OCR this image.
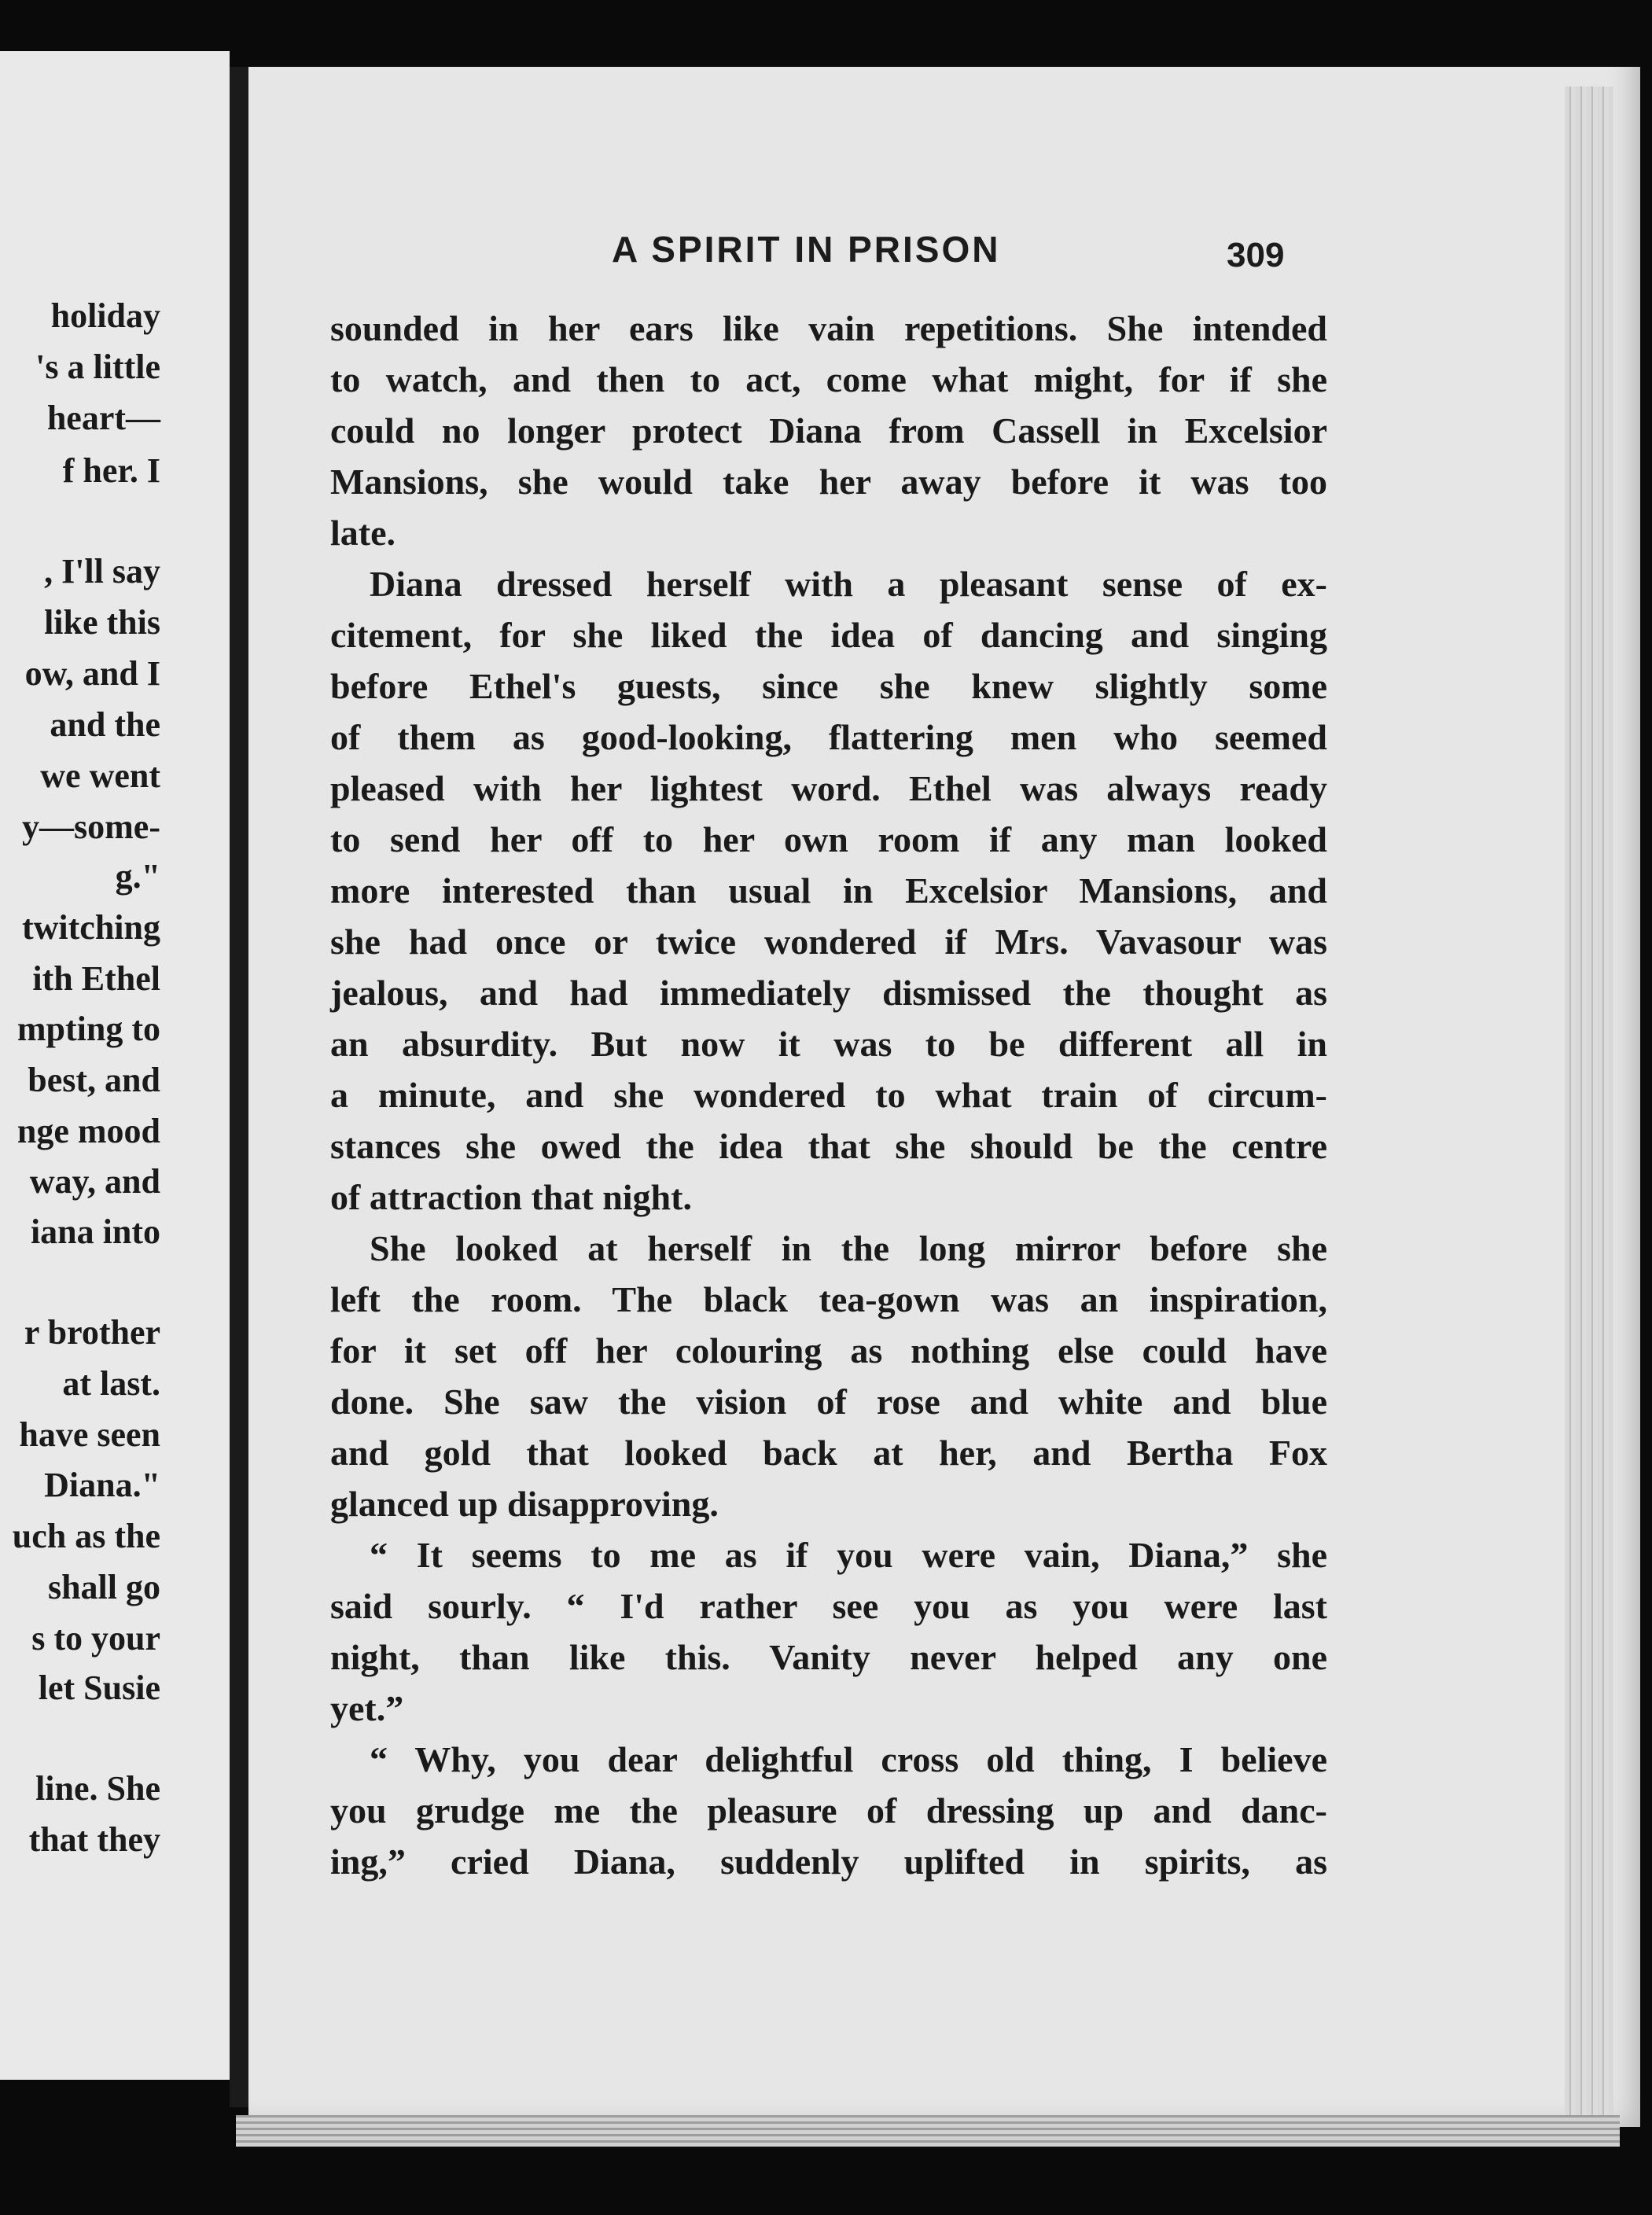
holiday
's a little
heart—
f her. I
, I'll say
like this
ow, and I
and the
we went
y—some-
g."
twitching
ith Ethel
mpting to
best, and
nge mood
way, and
iana into
r brother
at last.
have seen
Diana."
uch as the
shall go
s to your
let Susie
line. She
that they
A SPIRIT IN PRISON	309
sounded in her ears like vain repetitions. She intended
to watch, and then to act, come what might, for if she
could no longer protect Diana from Cassell in Excelsior
Mansions, she would take her away before it was too
late.
Diana dressed herself with a pleasant sense of ex-
citement, for she liked the idea of dancing and singing
before Ethel's guests, since she knew slightly some
of them as good-looking, flattering men who seemed
pleased with her lightest word. Ethel was always ready
to send her off to her own room if any man looked
more interested than usual in Excelsior Mansions, and
she had once or twice wondered if Mrs. Vavasour was
jealous, and had immediately dismissed the thought as
an absurdity. But now it was to be different all in
a minute, and she wondered to what train of circum-
stances she owed the idea that she should be the centre
of attraction that night.
She looked at herself in the long mirror before she
left the room. The black tea-gown was an inspiration,
for it set off her colouring as nothing else could have
done. She saw the vision of rose and white and blue
and gold that looked back at her, and Bertha Fox
glanced up disapproving.
“ It seems to me as if you were vain, Diana,” she
said sourly. “ I'd rather see you as you were last
night, than like this. Vanity never helped any one
yet.”
“ Why, you dear delightful cross old thing, I believe
you grudge me the pleasure of dressing up and danc-
ing,” cried Diana, suddenly uplifted in spirits, as
